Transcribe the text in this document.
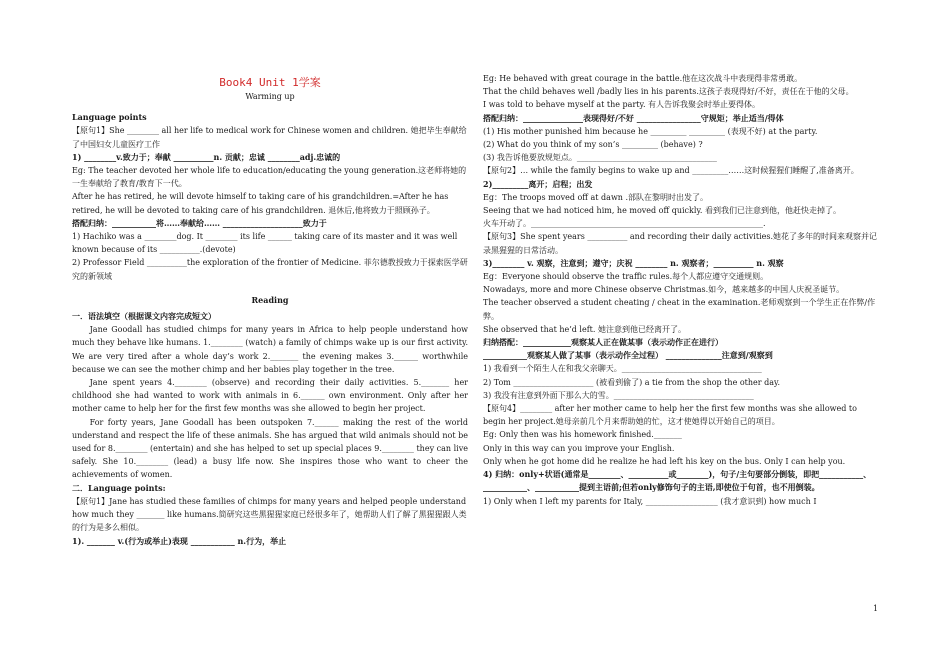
Book4 Unit 1学案
Warming up
Language points
【原句1】She ________ all her life to medical work for Chinese women and children. 她把毕生奉献给了中国妇女儿童医疗工作
1) ________v.致力于；奉献 __________n. 贡献；忠诚 ________adj.忠诚的
Eg: The teacher devoted her whole life to education/educating the young generation.这老师将她的一生奉献给了教育/教育下一代。
After he has retired, he will devote himself to taking care of his grandchildren.=After he has retired, he will be devoted to taking care of his grandchildren. 退休后,他将致力于照顾孙子。
搭配归纳：___________将……奉献给…… ____________________致力于
1) Hachiko was a ________dog. It ________ its life ______ taking care of its master and it was well known because of its __________.(devote)
2) Professor Field __________the exploration of the frontier of Medicine. 菲尔德教授致力于探索医学研究的新领域
Reading
一．语法填空（根据课文内容完成短文）
Jane Goodall has studied chimps for many years in Africa to help people understand how much they behave like humans. 1.________ (watch) a family of chimps wake up is our first activity. We are very tired after a whole day’s work 2._______ the evening makes 3.______ worthwhile because we can see the mother chimp and her babies play together in the tree.
Jane spent years 4.________ (observe) and recording their daily activities. 5._______ her childhood she had wanted to work with animals in 6.______ own environment. Only after her mother came to help her for the first few months was she allowed to begin her project.
For forty years, Jane Goodall has been outspoken 7.______ making the rest of the world understand and respect the life of these animals. She has argued that wild animals should not be used for 8.________ (entertain) and she has helped to set up special places 9.________ they can live safely. She 10.________ (lead) a busy life now. She inspires those who want to cheer the achievements of women.
二．Language points:
【原句1】Jane has studied these families of chimps for many years and helped people understand how much they _______ like humans.简研究这些黑猩猩家庭已经很多年了，她帮助人们了解了黑猩猩跟人类的行为是多么相似。
1). _______ v.(行为或举止)表现 ___________ n.行为，举止
Eg: He behaved with great courage in the battle.他在这次战斗中表现得非常勇敢。
That the child behaves well /badly lies in his parents.这孩子表现得好/不好，责任在于他的父母。
I was told to behave myself at the party. 有人告诉我聚会时举止要得体。
搭配归纳：_______________表现得好/不好 ________________守规矩；举止适当/得体
(1) His mother punished him because he _________ _________ (表现不好) at the party.
(2) What do you think of my son’s _________ (behave) ?
(3) 我告诉他要放规矩点。___________________________________
【原句2】… while the family begins to wake up and _________……这时候猩猩们睡醒了,准备离开。
2)_________离开；启程；出发
Eg：The troops moved off at dawn .部队在黎明时出发了。
Seeing that we had noticed him, he moved off quickly. 看到我们已注意到他，他赶快走掉了。
火车开动了。__________________________________________________________.
【原句3】She spent years __________ and recording their daily activities.她花了多年的时间来观察并记录黑猩猩的日常活动。
3)________ v. 观察，注意到；遵守；庆祝 ________ n. 观察者；__________ n. 观察
Eg：Everyone should observe the traffic rules.每个人都应遵守交通规则。
Nowadays, more and more Chinese observe Christmas.如今，越来越多的中国人庆祝圣诞节。
The teacher observed a student cheating / cheat in the examination.老师观察到一个学生正在作弊/作弊。
She observed that he’d left. 她注意到他已经离开了。
归纳搭配：____________观察某人正在做某事（表示动作正在进行）
___________观察某人做了某事（表示动作全过程） ______________注意到/观察到
1) 我看到一个陌生人在和我父亲聊天。___________________________________
2) Tom ____________________ (被看到偷了) a tie from the shop the other day.
3) 我没有注意到外面下那么大的雪。___________________________________
【原句4】________ after her mother came to help her the first few months was she allowed to begin her project.她母亲前几个月来帮助她的忙，这才使她得以开始自己的项目。
Eg: Only then was his homework finished._______
Only in this way can you improve your English.
Only when he got home did he realize he had left his key on the bus. Only I can help you.
4) 归纳：only+状语(通常是________、__________或________)，句子/主句要部分倒装，即把___________、___________、___________提到主语前;但若only修饰句子的主语,即使位于句首，也不用倒装。
1) Only when I left my parents for Italy, __________________ (我才意识到) how much I
1
